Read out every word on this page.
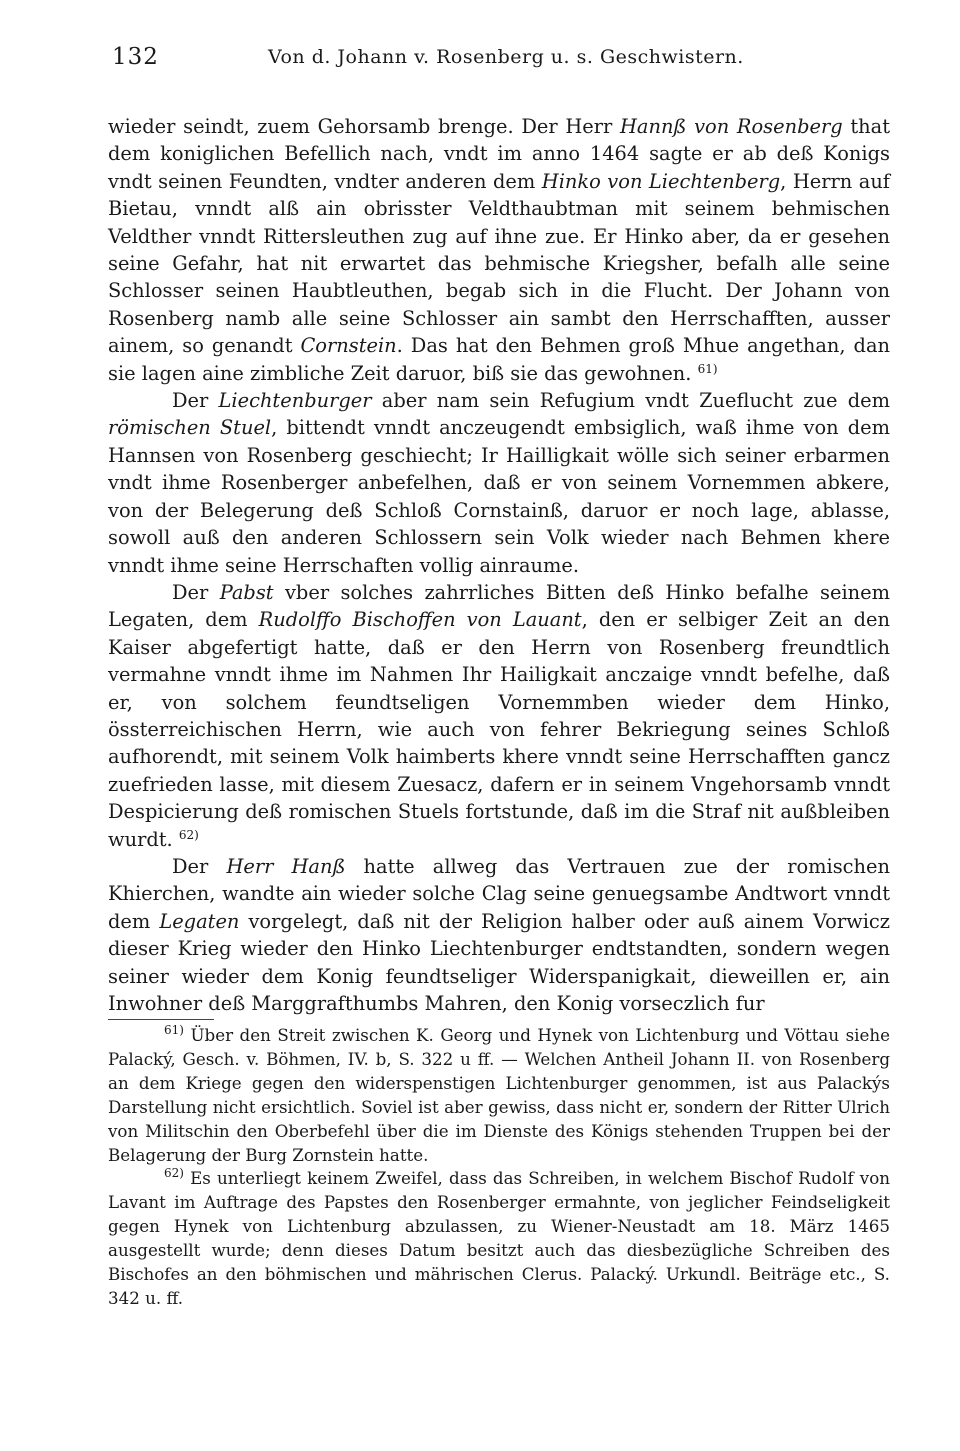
132	Von d. Johann v. Rosenberg u. s. Geschwistern.

wieder seindt, zuem Gehorsamb brenge. Der Herr Hannß von Rosenberg that dem koniglichen Befellich nach, vndt im anno 1464 sagte er ab deß Konigs vndt seinen Feundten, vndter anderen dem Hinko von Liechtenberg, Herrn auf Bietau, vnndt alß ain obrisster Veldthaubtman mit seinem behmischen Veldther vnndt Rittersleuthen zug auf ihne zue. Er Hinko aber, da er gesehen seine Gefahr, hat nit erwartet das behmische Kriegsher, befalh alle seine Schlosser seinen Haubtleuthen, begab sich in die Flucht. Der Johann von Rosenberg namb alle seine Schlosser ain sambt den Herrschafften, ausser ainem, so genandt Cornstein. Das hat den Behmen groß Mhue angethan, dan sie lagen aine zimbliche Zeit daruor, biß sie das gewohnen. $^{61)}$

Der Liechtenburger aber nam sein Refugium vndt Zueflucht zue dem römischen Stuel, bittendt vnndt anczeugendt embsiglich, waß ihme von dem Hannsen von Rosenberg geschiecht; Ir Hailligkait wölle sich seiner erbarmen vndt ihme Rosenberger anbefelhen, daß er von seinem Vornemmen abkere, von der Belegerung deß Schloß Cornstainß, daruor er noch lage, ablasse, sowoll auß den anderen Schlossern sein Volk wieder nach Behmen khere vnndt ihme seine Herrschaften vollig ainraume.

Der Pabst vber solches zahrrliches Bitten deß Hinko befalhe seinem Legaten, dem Rudolffo Bischoffen von Lauant, den er selbiger Zeit an den Kaiser abgefertigt hatte, daß er den Herrn von Rosenberg freundtlich vermahne vnndt ihme im Nahmen Ihr Hailigkait anczaige vnndt befelhe, daß er, von solchem feundtseligen Vornemmben wieder dem Hinko, össterreichischen Herrn, wie auch von fehrer Bekriegung seines Schloß aufhorendt, mit seinem Volk haimberts khere vnndt seine Herrschafften gancz zuefrieden lasse, mit diesem Zuesacz, dafern er in seinem Vngehorsamb vnndt Despicierung deß romischen Stuels fortstunde, daß im die Straf nit außbleiben wurdt. $^{62)}$

Der Herr Hanß hatte allweg das Vertrauen zue der romischen Khierchen, wandte ain wieder solche Clag seine genuegsambe Andtwort vnndt dem Legaten vorgelegt, daß nit der Religion halber oder auß ainem Vorwicz dieser Krieg wieder den Hinko Liechtenburger endtstandten, sondern wegen seiner wieder dem Konig feundtseliger Widerspanigkait, dieweillen er, ain Inwohner deß Marggrafthumbs Mahren, den Konig vorseczlich fur

$^{61)}$ Über den Streit zwischen K. Georg und Hynek von Lichtenburg und Vöttau siehe Palacký, Gesch. v. Böhmen, IV. b, S. 322 u ff. — Welchen Antheil Johann II. von Rosenberg an dem Kriege gegen den widerspenstigen Lichtenburger genommen, ist aus Palackýs Darstellung nicht ersichtlich. Soviel ist aber gewiss, dass nicht er, sondern der Ritter Ulrich von Militschin den Oberbefehl über die im Dienste des Königs stehenden Truppen bei der Belagerung der Burg Zornstein hatte.

$^{62)}$ Es unterliegt keinem Zweifel, dass das Schreiben, in welchem Bischof Rudolf von Lavant im Auftrage des Papstes den Rosenberger ermahnte, von jeglicher Feindseligkeit gegen Hynek von Lichtenburg abzulassen, zu Wiener-Neustadt am 18. März 1465 ausgestellt wurde; denn dieses Datum besitzt auch das diesbezügliche Schreiben des Bischofes an den böhmischen und mährischen Clerus. Palacký. Urkundl. Beiträge etc., S. 342 u. ff.
